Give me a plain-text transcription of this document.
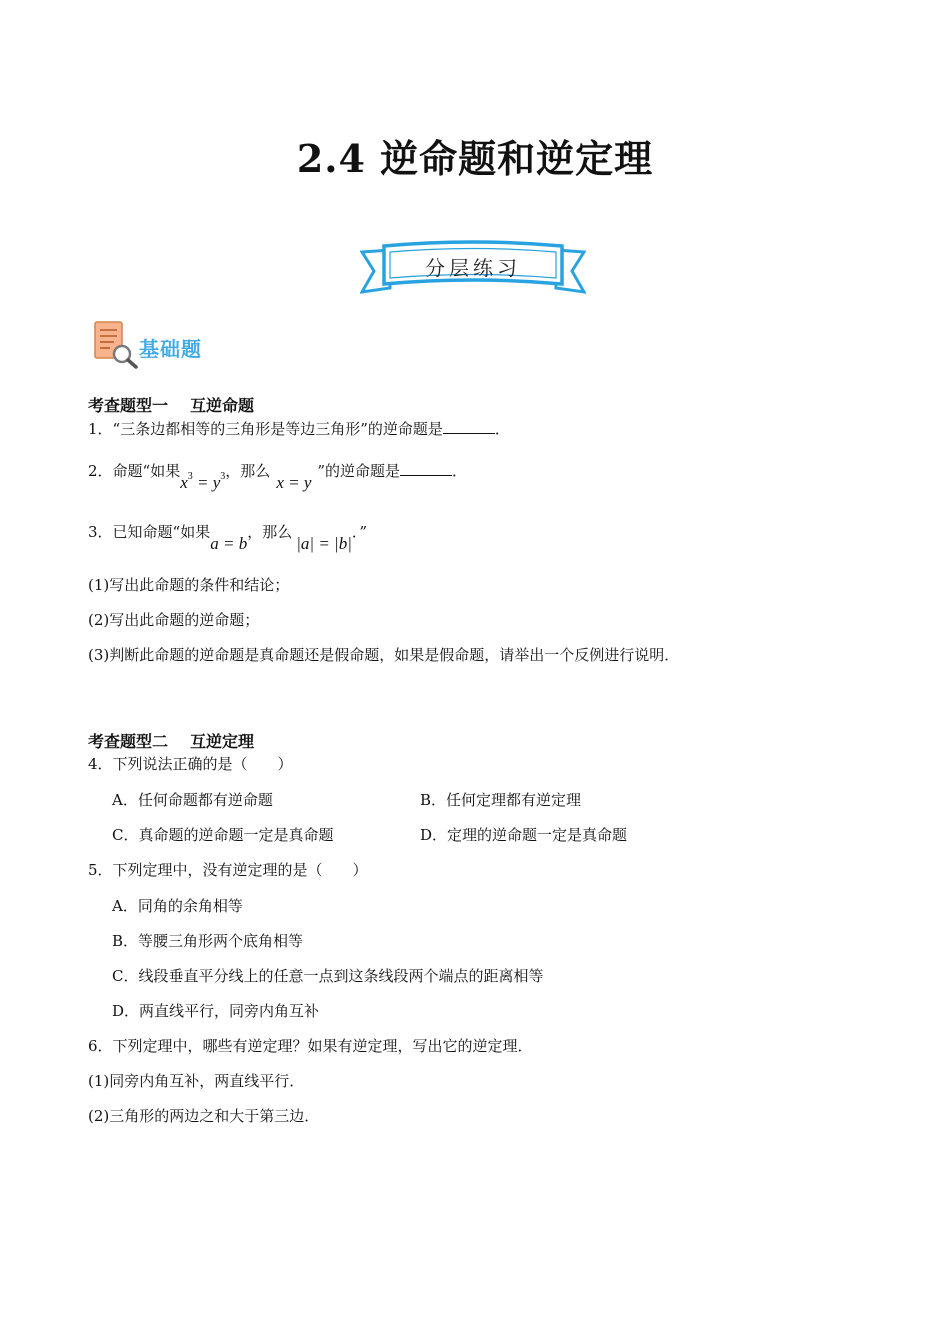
2.4 逆命题和逆定理
分层练习
基础题
考查题型一 互逆命题
1．“三条边都相等的三角形是等边三角形”的逆命题是	．
2．命题“如果$x^3 = y^3$，那么x = y”的逆命题是	．
3．已知命题“如果a = b，那么|a| = |b|．”
(1)写出此命题的条件和结论；
(2)写出此命题的逆命题；
(3)判断此命题的逆命题是真命题还是假命题，如果是假命题，请举出一个反例进行说明．
考查题型二 互逆定理
4．下列说法正确的是（　　）
A．任何命题都有逆命题	B．任何定理都有逆定理
C．真命题的逆命题一定是真命题	D．定理的逆命题一定是真命题
5．下列定理中，没有逆定理的是（　　）
A．同角的余角相等
B．等腰三角形两个底角相等
C．线段垂直平分线上的任意一点到这条线段两个端点的距离相等
D．两直线平行，同旁内角互补
6．下列定理中，哪些有逆定理？如果有逆定理，写出它的逆定理．
(1)同旁内角互补，两直线平行．
(2)三角形的两边之和大于第三边．
